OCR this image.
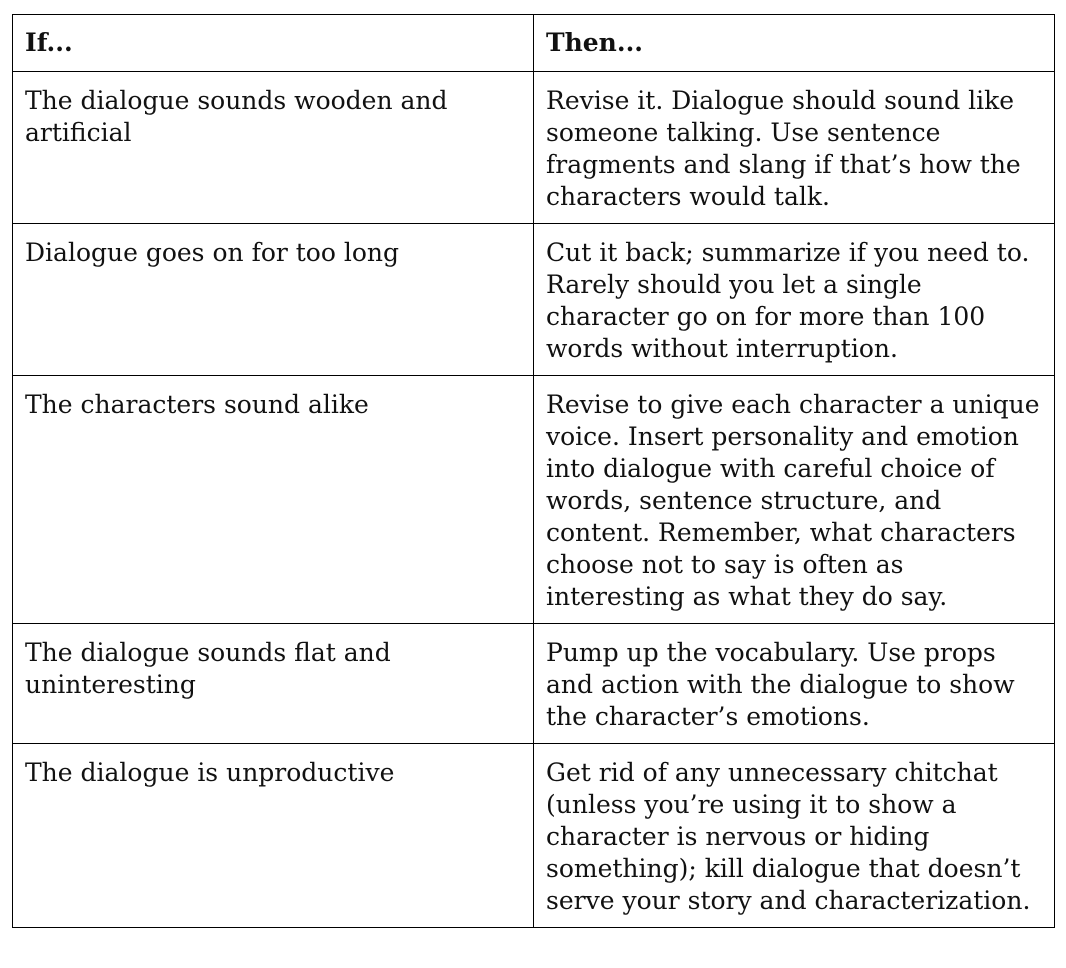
If...	Then...
The dialogue sounds wooden and artificial	Revise it. Dialogue should sound like someone talking. Use sentence fragments and slang if that’s how the characters would talk.
Dialogue goes on for too long	Cut it back; summarize if you need to. Rarely should you let a single character go on for more than 100 words without interruption.
The characters sound alike	Revise to give each character a unique voice. Insert personality and emotion into dialogue with careful choice of words, sentence structure, and content. Remember, what characters choose not to say is often as interesting as what they do say.
The dialogue sounds flat and uninteresting	Pump up the vocabulary. Use props and action with the dialogue to show the character’s emotions.
The dialogue is unproductive	Get rid of any unnecessary chitchat (unless you’re using it to show a character is nervous or hiding something); kill dialogue that doesn’t serve your story and characterization.
